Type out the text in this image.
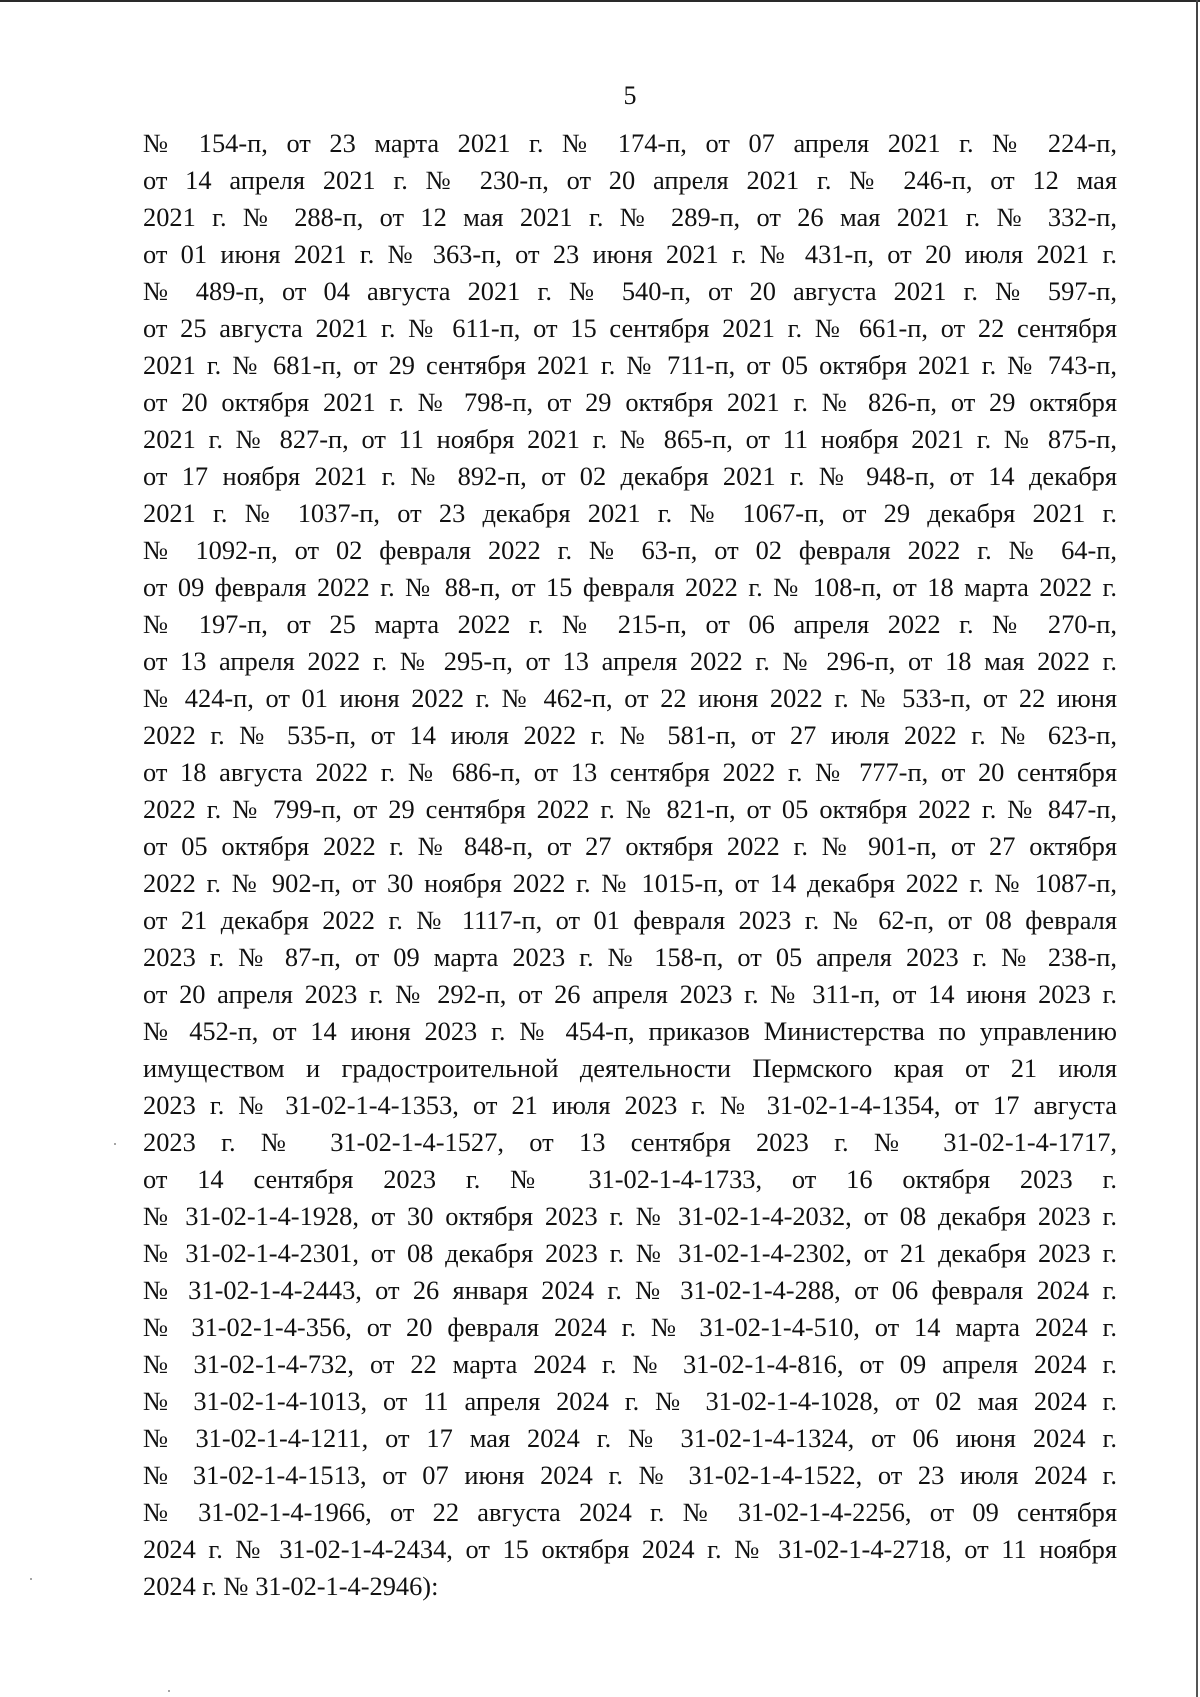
5
№ 154-п, от 23 марта 2021 г. № 174-п, от 07 апреля 2021 г. № 224-п,
от 14 апреля 2021 г. № 230-п, от 20 апреля 2021 г. № 246-п, от 12 мая
2021 г. № 288-п, от 12 мая 2021 г. № 289-п, от 26 мая 2021 г. № 332-п,
от 01 июня 2021 г. № 363-п, от 23 июня 2021 г. № 431-п, от 20 июля 2021 г.
№ 489-п, от 04 августа 2021 г. № 540-п, от 20 августа 2021 г. № 597-п,
от 25 августа 2021 г. № 611-п, от 15 сентября 2021 г. № 661-п, от 22 сентября
2021 г. № 681-п, от 29 сентября 2021 г. № 711-п, от 05 октября 2021 г. № 743-п,
от 20 октября 2021 г. № 798-п, от 29 октября 2021 г. № 826-п, от 29 октября
2021 г. № 827-п, от 11 ноября 2021 г. № 865-п, от 11 ноября 2021 г. № 875-п,
от 17 ноября 2021 г. № 892-п, от 02 декабря 2021 г. № 948-п, от 14 декабря
2021 г. № 1037-п, от 23 декабря 2021 г. № 1067-п, от 29 декабря 2021 г.
№ 1092-п, от 02 февраля 2022 г. № 63-п, от 02 февраля 2022 г. № 64-п,
от 09 февраля 2022 г. № 88-п, от 15 февраля 2022 г. № 108-п, от 18 марта 2022 г.
№ 197-п, от 25 марта 2022 г. № 215-п, от 06 апреля 2022 г. № 270-п,
от 13 апреля 2022 г. № 295-п, от 13 апреля 2022 г. № 296-п, от 18 мая 2022 г.
№ 424-п, от 01 июня 2022 г. № 462-п, от 22 июня 2022 г. № 533-п, от 22 июня
2022 г. № 535-п, от 14 июля 2022 г. № 581-п, от 27 июля 2022 г. № 623-п,
от 18 августа 2022 г. № 686-п, от 13 сентября 2022 г. № 777-п, от 20 сентября
2022 г. № 799-п, от 29 сентября 2022 г. № 821-п, от 05 октября 2022 г. № 847-п,
от 05 октября 2022 г. № 848-п, от 27 октября 2022 г. № 901-п, от 27 октября
2022 г. № 902-п, от 30 ноября 2022 г. № 1015-п, от 14 декабря 2022 г. № 1087-п,
от 21 декабря 2022 г. № 1117-п, от 01 февраля 2023 г. № 62-п, от 08 февраля
2023 г. № 87-п, от 09 марта 2023 г. № 158-п, от 05 апреля 2023 г. № 238-п,
от 20 апреля 2023 г. № 292-п, от 26 апреля 2023 г. № 311-п, от 14 июня 2023 г.
№ 452-п, от 14 июня 2023 г. № 454-п, приказов Министерства по управлению
имуществом и градостроительной деятельности Пермского края от 21 июля
2023 г. № 31-02-1-4-1353, от 21 июля 2023 г. № 31-02-1-4-1354, от 17 августа
2023 г. № 31-02-1-4-1527, от 13 сентября 2023 г. № 31-02-1-4-1717,
от 14 сентября 2023 г. № 31-02-1-4-1733, от 16 октября 2023 г.
№ 31-02-1-4-1928, от 30 октября 2023 г. № 31-02-1-4-2032, от 08 декабря 2023 г.
№ 31-02-1-4-2301, от 08 декабря 2023 г. № 31-02-1-4-2302, от 21 декабря 2023 г.
№ 31-02-1-4-2443, от 26 января 2024 г. № 31-02-1-4-288, от 06 февраля 2024 г.
№ 31-02-1-4-356, от 20 февраля 2024 г. № 31-02-1-4-510, от 14 марта 2024 г.
№ 31-02-1-4-732, от 22 марта 2024 г. № 31-02-1-4-816, от 09 апреля 2024 г.
№ 31-02-1-4-1013, от 11 апреля 2024 г. № 31-02-1-4-1028, от 02 мая 2024 г.
№ 31-02-1-4-1211, от 17 мая 2024 г. № 31-02-1-4-1324, от 06 июня 2024 г.
№ 31-02-1-4-1513, от 07 июня 2024 г. № 31-02-1-4-1522, от 23 июля 2024 г.
№ 31-02-1-4-1966, от 22 августа 2024 г. № 31-02-1-4-2256, от 09 сентября
2024 г. № 31-02-1-4-2434, от 15 октября 2024 г. № 31-02-1-4-2718, от 11 ноября
2024 г. № 31-02-1-4-2946):
